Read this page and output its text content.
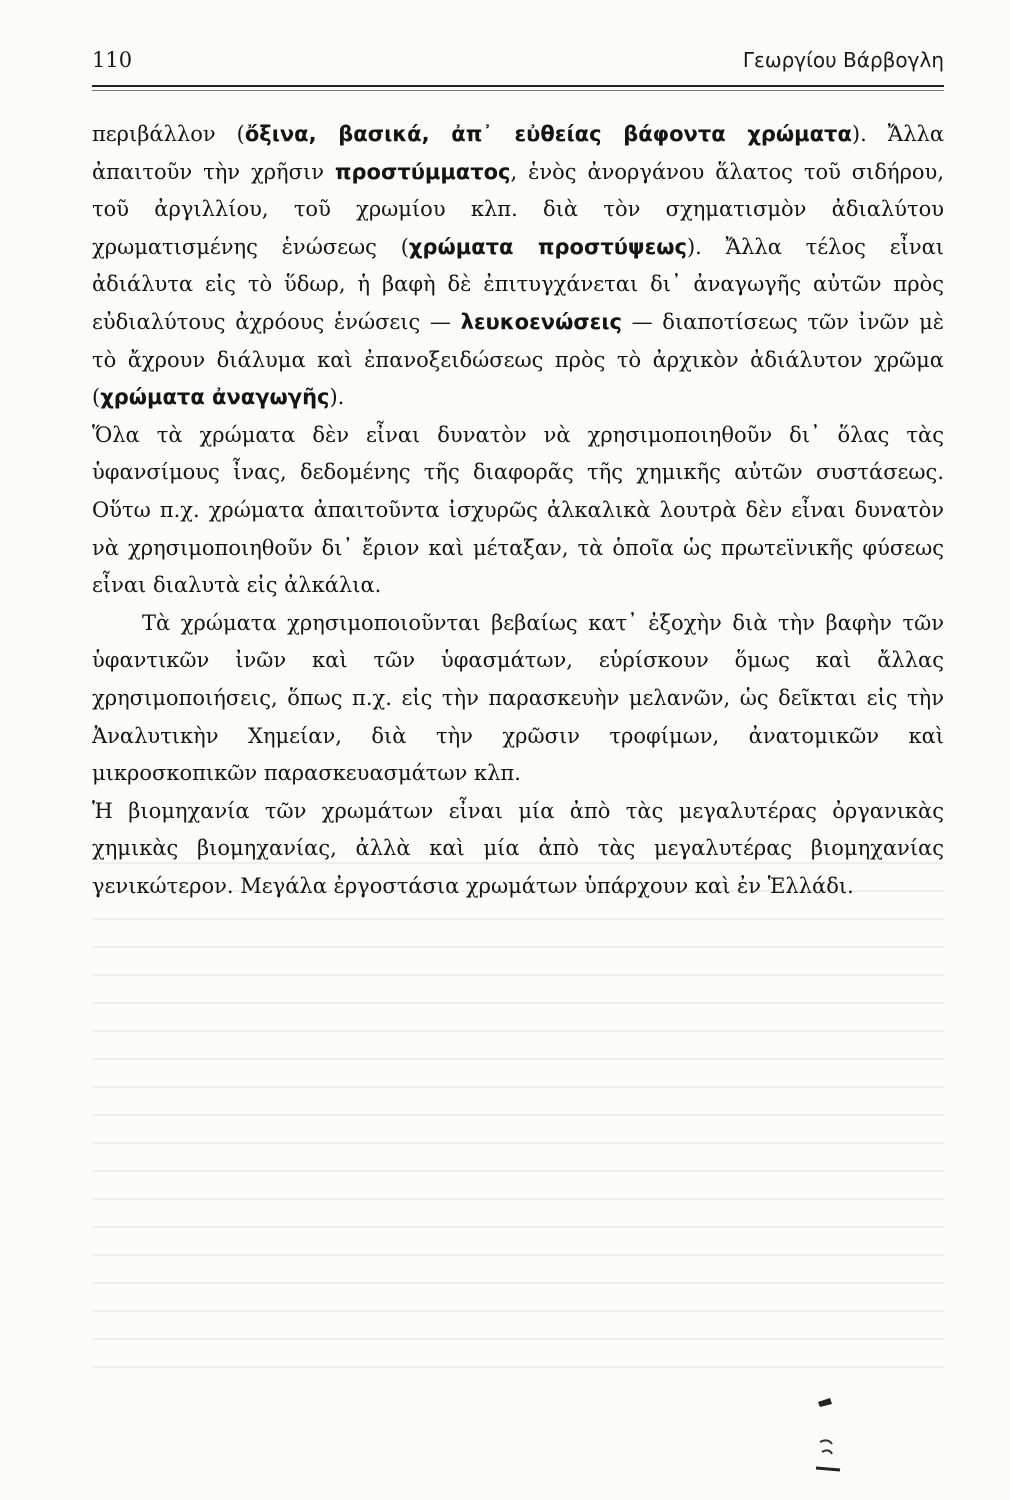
110	Γεωργίου Βάρβογλη

περιβάλλον (ὄξινα, βασικά, ἀπ᾿ εὐθείας βάφοντα χρώματα). Ἄλλα ἀπαιτοῦν τὴν χρῆσιν προστύμματος, ἑνὸς ἀνοργάνου ἅλατος τοῦ σιδήρου, τοῦ ἀργιλλίου, τοῦ χρωμίου κλπ. διὰ τὸν σχηματισμὸν ἀδιαλύτου χρωματισμένης ἑνώσεως (χρώματα προστύψεως). Ἄλλα τέλος εἶναι ἀδιάλυτα εἰς τὸ ὕδωρ, ἡ βαφὴ δὲ ἐπιτυγχάνεται δι᾿ ἀναγωγῆς αὐτῶν πρὸς εὐδιαλύτους ἀχρόους ἑνώσεις — λευκοενώσεις — διαποτίσεως τῶν ἰνῶν μὲ τὸ ἄχρουν διάλυμα καὶ ἐπανοξειδώσεως πρὸς τὸ ἀρχικὸν ἀδιάλυτον χρῶμα (χρώματα ἀναγωγῆς).

Ὅλα τὰ χρώματα δὲν εἶναι δυνατὸν νὰ χρησιμοποιηθοῦν δι᾿ ὅλας τὰς ὑφανσίμους ἶνας, δεδομένης τῆς διαφορᾶς τῆς χημικῆς αὐτῶν συστάσεως. Οὕτω π.χ. χρώματα ἀπαιτοῦντα ἰσχυρῶς ἀλκαλικὰ λουτρὰ δὲν εἶναι δυνατὸν νὰ χρησιμοποιηθοῦν δι᾿ ἔριον καὶ μέταξαν, τὰ ὁποῖα ὡς πρωτεϊνικῆς φύσεως εἶναι διαλυτὰ εἰς ἀλκάλια.

Τὰ χρώματα χρησιμοποιοῦνται βεβαίως κατ᾿ ἐξοχὴν διὰ τὴν βαφὴν τῶν ὑφαντικῶν ἰνῶν καὶ τῶν ὑφασμάτων, εὑρίσκουν ὅμως καὶ ἄλλας χρησιμοποιήσεις, ὅπως π.χ. εἰς τὴν παρασκευὴν μελανῶν, ὡς δεῖκται εἰς τὴν Ἀναλυτικὴν Χημείαν, διὰ τὴν χρῶσιν τροφίμων, ἀνατομικῶν καὶ μικροσκοπικῶν παρασκευασμάτων κλπ.

Ἡ βιομηχανία τῶν χρωμάτων εἶναι μία ἀπὸ τὰς μεγαλυτέρας ὀργανικὰς χημικὰς βιομηχανίας, ἀλλὰ καὶ μία ἀπὸ τὰς μεγαλυτέρας βιομηχανίας γενικώτερον. Μεγάλα ἐργοστάσια χρωμάτων ὑπάρχουν καὶ ἐν Ἑλλάδι.
